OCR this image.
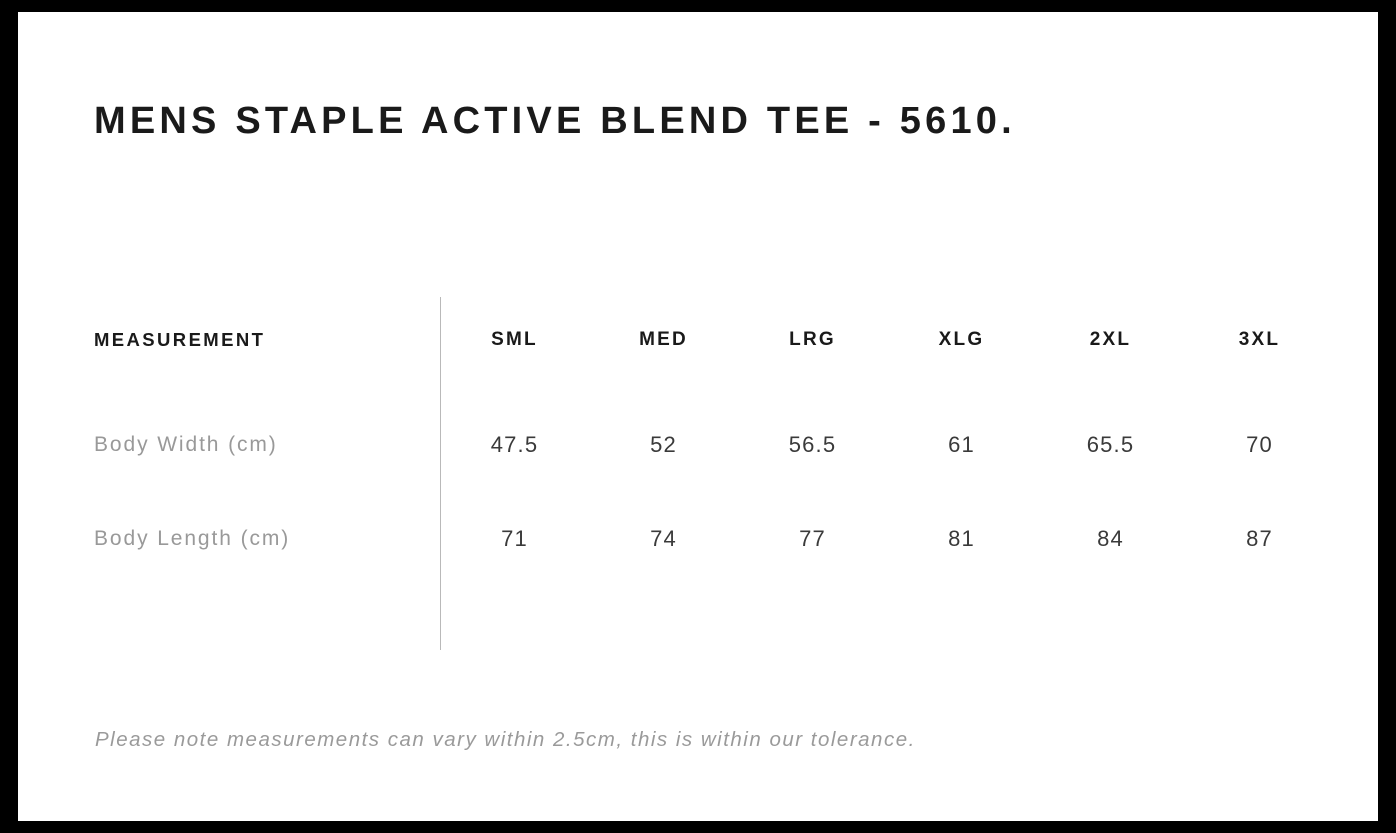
MENS STAPLE ACTIVE BLEND TEE - 5610.
MEASUREMENT	SML	MED	LRG	XLG	2XL	3XL
Body Width (cm)	47.5	52	56.5	61	65.5	70
Body Length (cm)	71	74	77	81	84	87
Please note measurements can vary within 2.5cm, this is within our tolerance.
